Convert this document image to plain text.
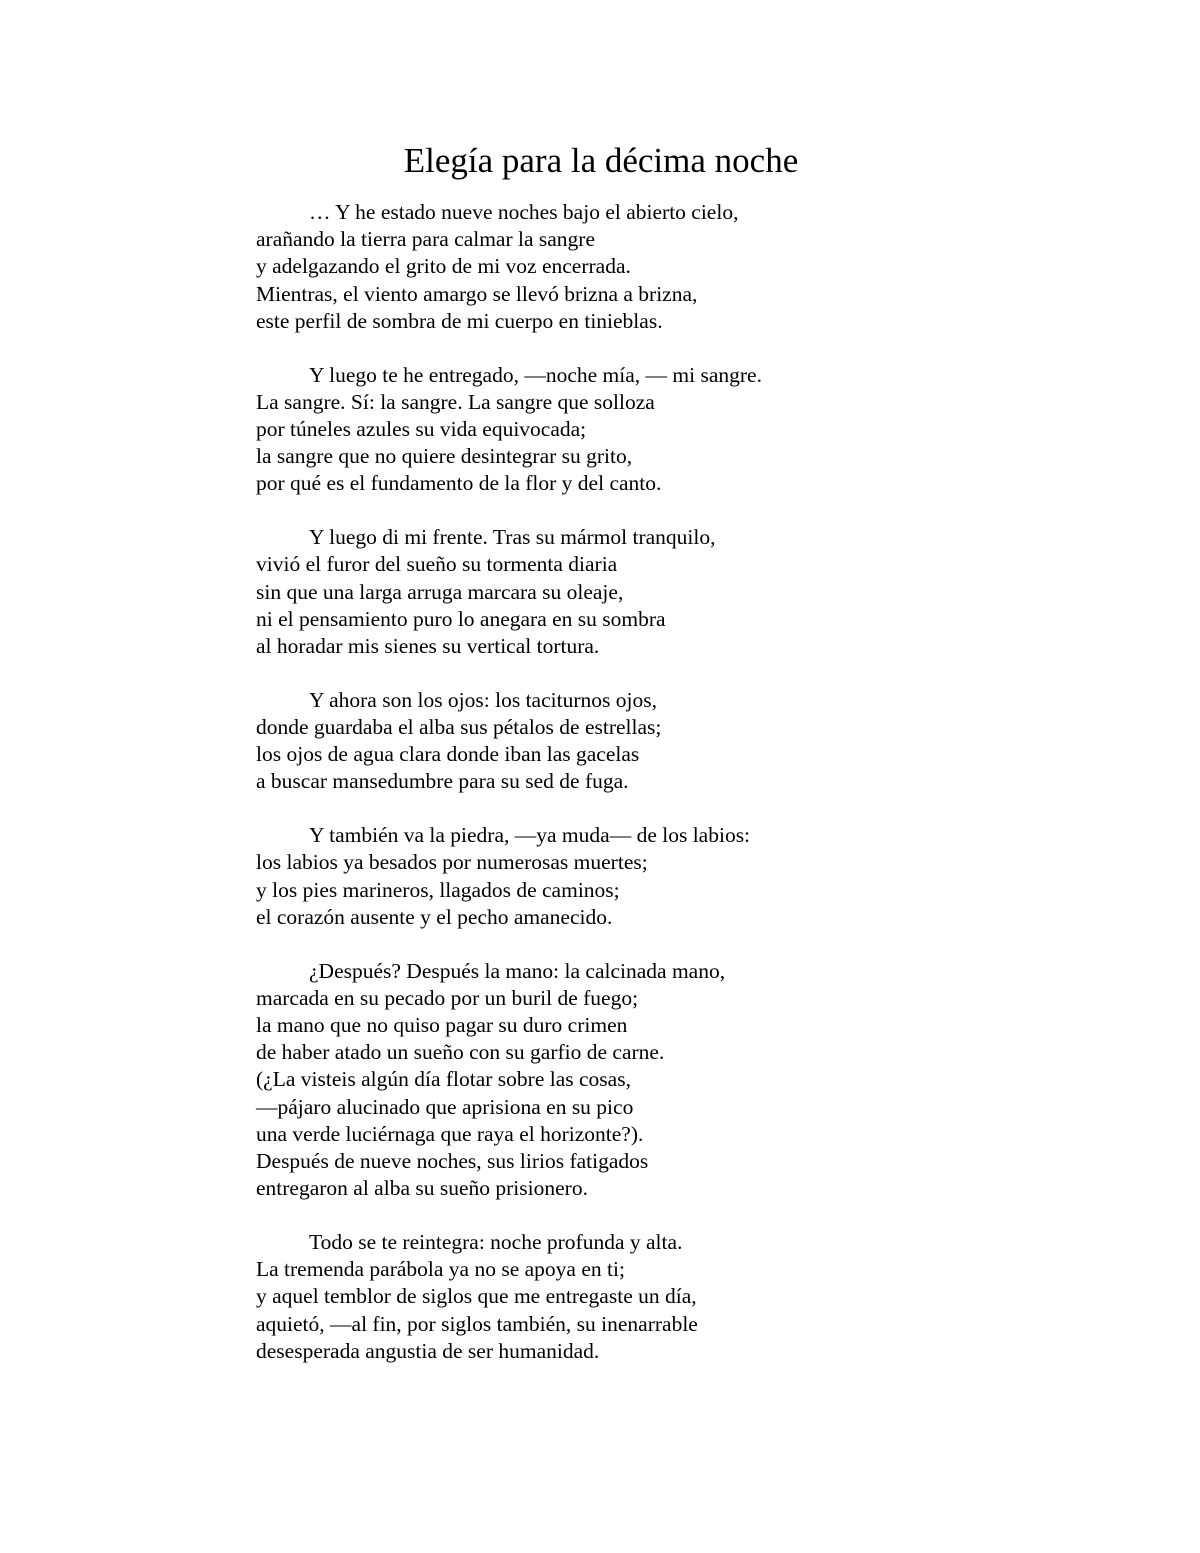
Elegía para la décima noche
… Y he estado nueve noches bajo el abierto cielo,
arañando la tierra para calmar la sangre
y adelgazando el grito de mi voz encerrada.
Mientras, el viento amargo se llevó brizna a brizna,
este perfil de sombra de mi cuerpo en tinieblas.
Y luego te he entregado, —noche mía, — mi sangre.
La sangre. Sí: la sangre. La sangre que solloza
por túneles azules su vida equivocada;
la sangre que no quiere desintegrar su grito,
por qué es el fundamento de la flor y del canto.
Y luego di mi frente. Tras su mármol tranquilo,
vivió el furor del sueño su tormenta diaria
sin que una larga arruga marcara su oleaje,
ni el pensamiento puro lo anegara en su sombra
al horadar mis sienes su vertical tortura.
Y ahora son los ojos: los taciturnos ojos,
donde guardaba el alba sus pétalos de estrellas;
los ojos de agua clara donde iban las gacelas
a buscar mansedumbre para su sed de fuga.
Y también va la piedra, —ya muda— de los labios:
los labios ya besados por numerosas muertes;
y los pies marineros, llagados de caminos;
el corazón ausente y el pecho amanecido.
¿Después? Después la mano: la calcinada mano,
marcada en su pecado por un buril de fuego;
la mano que no quiso pagar su duro crimen
de haber atado un sueño con su garfio de carne.
(¿La visteis algún día flotar sobre las cosas,
—pájaro alucinado que aprisiona en su pico
una verde luciérnaga que raya el horizonte?).
Después de nueve noches, sus lirios fatigados
entregaron al alba su sueño prisionero.
Todo se te reintegra: noche profunda y alta.
La tremenda parábola ya no se apoya en ti;
y aquel temblor de siglos que me entregaste un día,
aquietó, —al fin, por siglos también, su inenarrable
desesperada angustia de ser humanidad.
